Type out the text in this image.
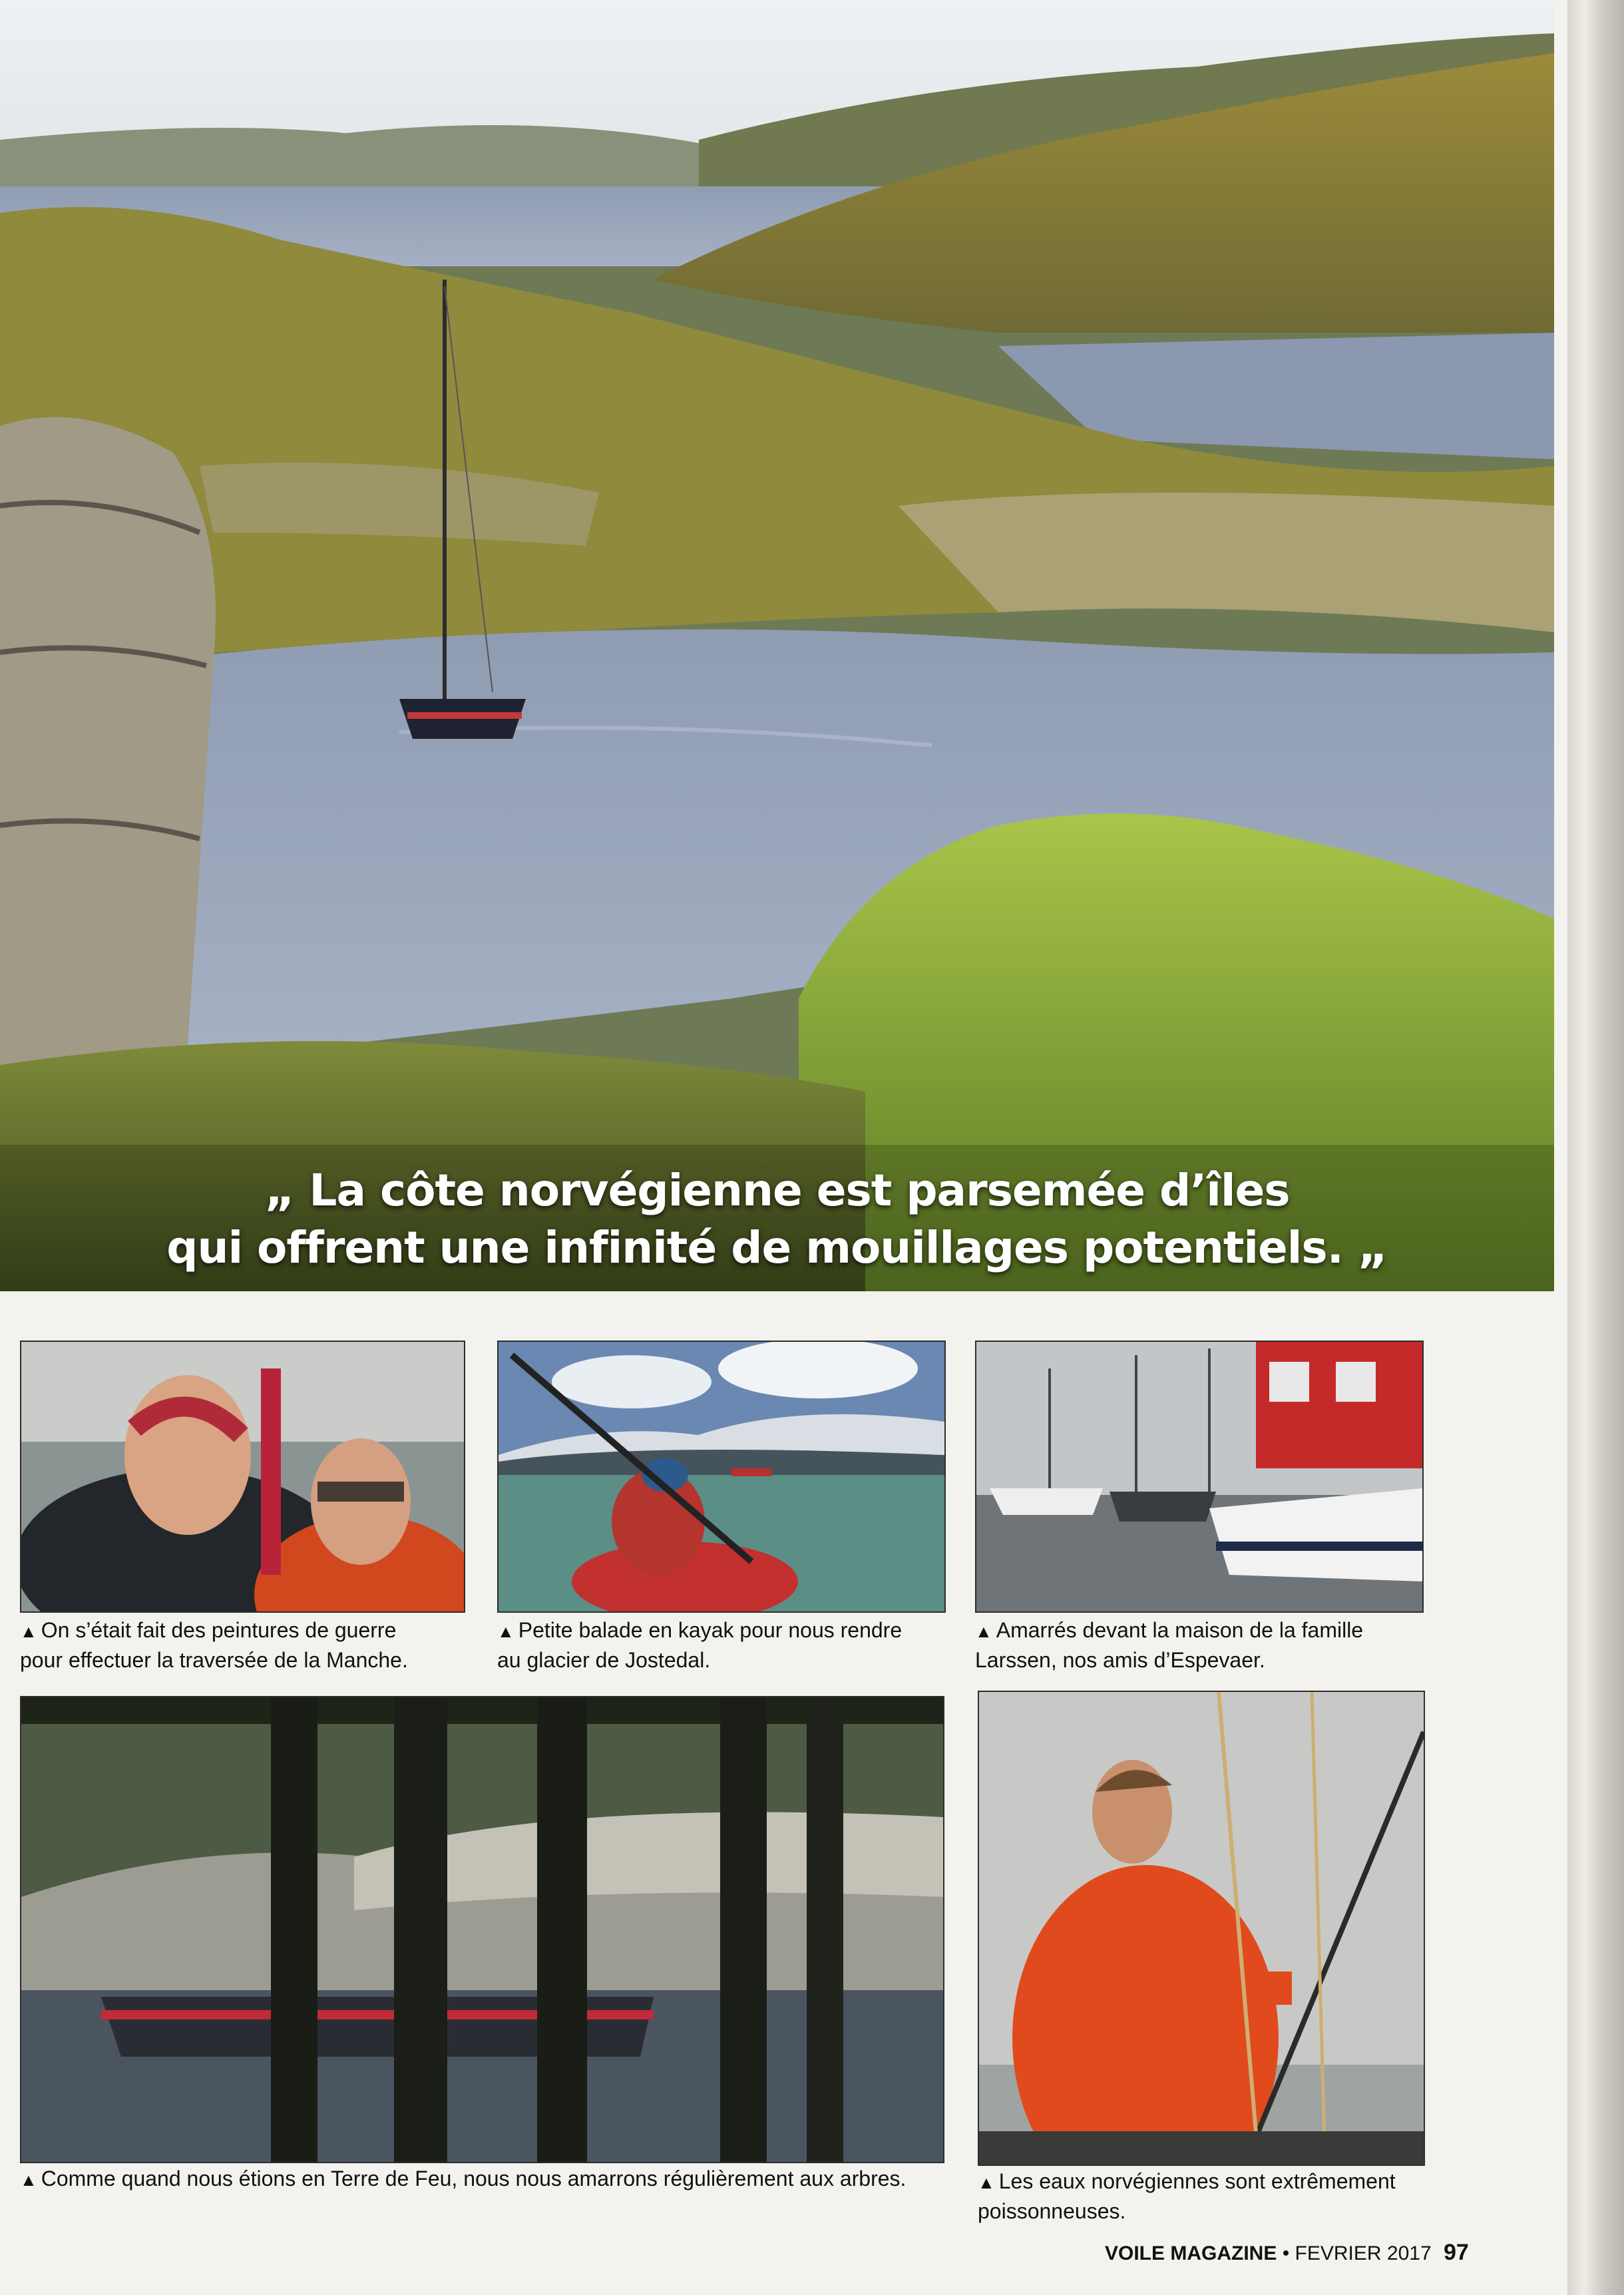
„ La côte norvégienne est parsemée d’îles
qui offrent une infinité de mouillages potentiels. „
▲ On s’était fait des peintures de guerre
pour effectuer la traversée de la Manche.
▲ Petite balade en kayak pour nous rendre
au glacier de Jostedal.
▲ Amarrés devant la maison de la famille
Larssen, nos amis d’Espevaer.
▲ Comme quand nous étions en Terre de Feu, nous nous amarrons régulièrement aux arbres.	▲ Les eaux norvégiennes sont extrêmement
poissonneuses.
VOILE MAGAZINE • FEVRIER 2017 97
